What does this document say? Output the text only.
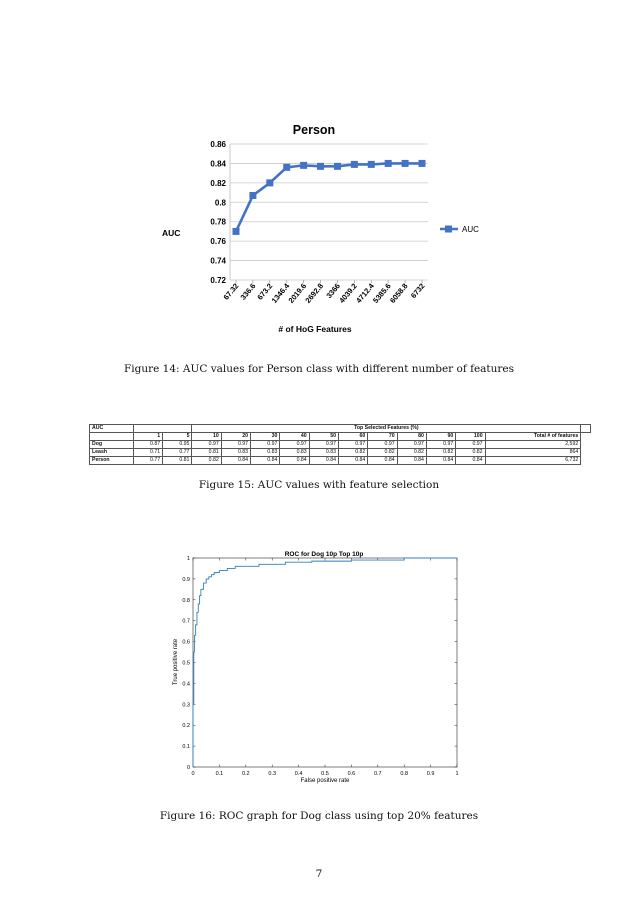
Person
0.72
0.74
0.76
0.78
0.8
0.82
0.84
0.86
67.32
336.6
673.2
1346.4
2019.6
2692.8 3366
4039.2
4712.4
5385.6
6058.8 6732
AUC
# of HoG Features
AUC
Figure 14: AUC values for Person class with different number of features
AUC			Top Selected Features (%)											
	1	5	10	20	30	40	50	60	70	80	90	100	Total # of features	
Dog	0.87	0.95	0.97	0.97	0.97	0.97	0.97	0.97	0.97	0.97	0.97	0.97	2,592	
Leash	0.71	0.77	0.81	0.83	0.83	0.83	0.83	0.82	0.82	0.82	0.82	0.82	864	
Person	0.77	0.81	0.82	0.84	0.84	0.84	0.84	0.84	0.84	0.84	0.84	0.84	6,732	
Figure 15: AUC values with feature selection
ROC for Dog 10p Top 10p
0	0.1	0.2	0.3	0.4	0.5	0.6	0.7	0.8	0.9	1
0
0.1
0.2
0.3
0.4
0.5
0.6
0.7
0.8
0.9
1
False positive rate
True positive rate
Figure 16: ROC graph for Dog class using top 20% features
7
